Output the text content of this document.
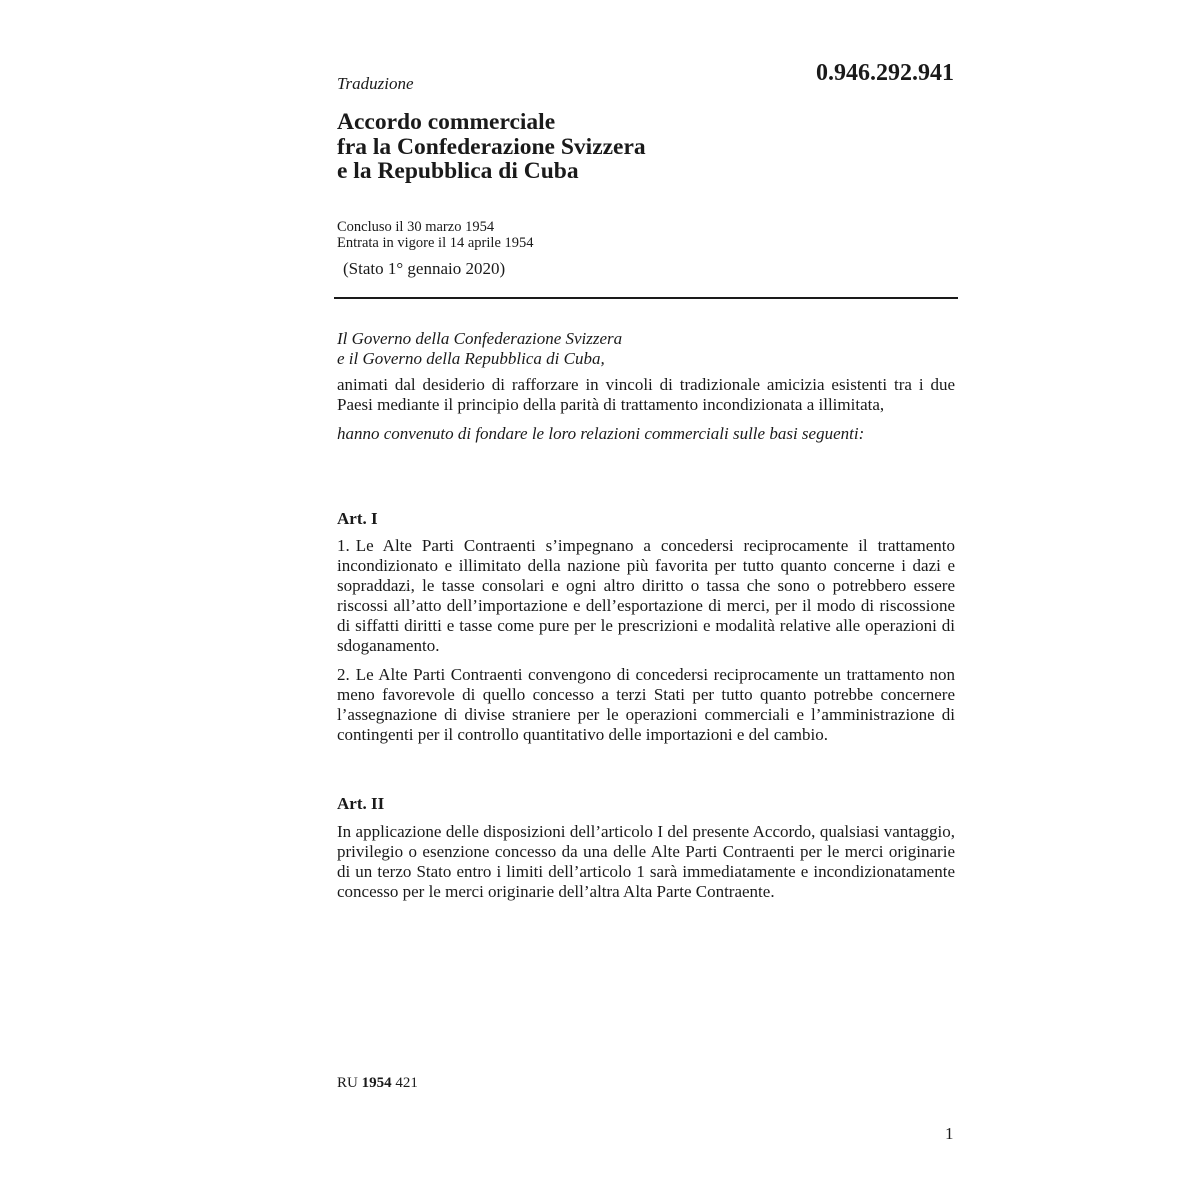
Traduzione	0.946.292.941
Accordo commerciale
fra la Confederazione Svizzera
e la Repubblica di Cuba
Concluso il 30 marzo 1954
Entrata in vigore il 14 aprile 1954
(Stato 1° gennaio 2020)
Il Governo della Confederazione Svizzera
e il Governo della Repubblica di Cuba,
animati dal desiderio di rafforzare in vincoli di tradizionale amicizia esistenti tra i due Paesi mediante il principio della parità di trattamento incondizionata a illimitata,
hanno convenuto di fondare le loro relazioni commerciali sulle basi seguenti:
Art. I
1. Le Alte Parti Contraenti s’impegnano a concedersi reciprocamente il trattamento incondizionato e illimitato della nazione più favorita per tutto quanto concerne i dazi e sopraddazi, le tasse consolari e ogni altro diritto o tassa che sono o potrebbero essere riscossi all’atto dell’importazione e dell’esportazione di merci, per il modo di riscossione di siffatti diritti e tasse come pure per le prescrizioni e modalità relative alle operazioni di sdoganamento.
2. Le Alte Parti Contraenti convengono di concedersi reciprocamente un trattamento non meno favorevole di quello concesso a terzi Stati per tutto quanto potrebbe concernere l’assegnazione di divise straniere per le operazioni commerciali e l’amministrazione di contingenti per il controllo quantitativo delle importazioni e del cambio.
Art. II
In applicazione delle disposizioni dell’articolo I del presente Accordo, qualsiasi vantaggio, privilegio o esenzione concesso da una delle Alte Parti Contraenti per le merci originarie di un terzo Stato entro i limiti dell’articolo 1 sarà immediatamente e incondizionatamente concesso per le merci originarie dell’altra Alta Parte Contraente.
RU 1954 421
1
